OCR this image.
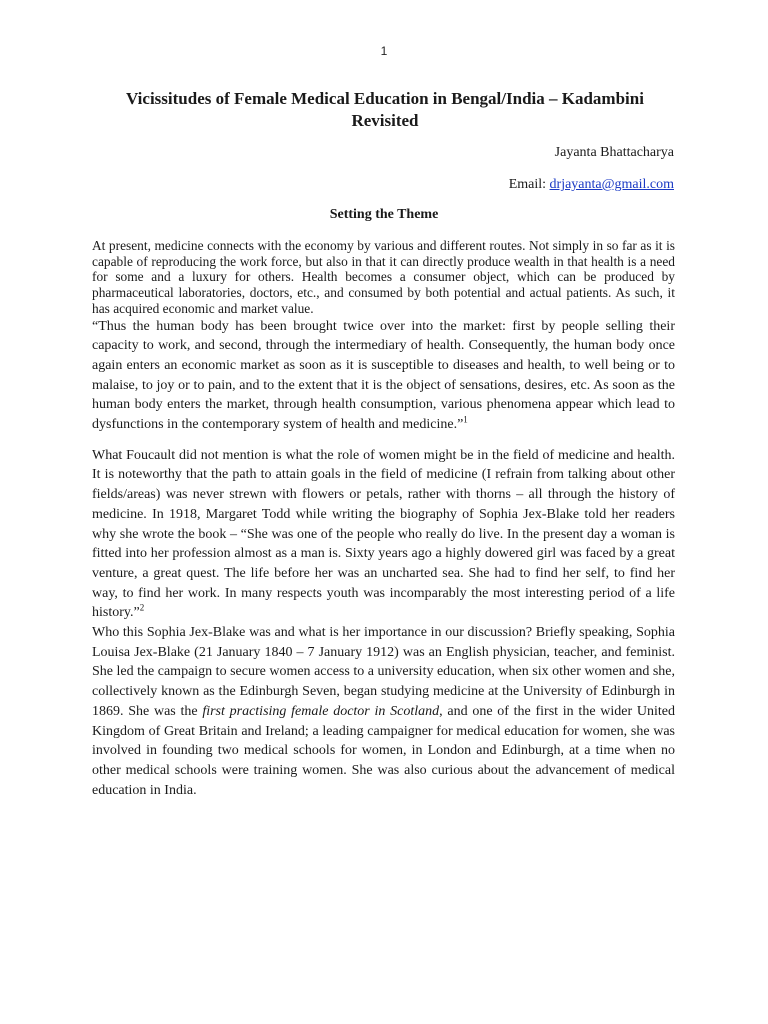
1
Vicissitudes of Female Medical Education in Bengal/India – Kadambini Revisited
Jayanta Bhattacharya
Email: drjayanta@gmail.com
Setting the Theme

At present, medicine connects with the economy by various and different routes. Not simply in so far as it is capable of reproducing the work force, but also in that it can directly produce wealth in that health is a need for some and a luxury for others. Health becomes a consumer object, which can be produced by pharmaceutical laboratories, doctors, etc., and consumed by both potential and actual patients. As such, it has acquired economic and market value.

“Thus the human body has been brought twice over into the market: first by people selling their capacity to work, and second, through the intermediary of health. Consequently, the human body once again enters an economic market as soon as it is susceptible to diseases and health, to well being or to malaise, to joy or to pain, and to the extent that it is the object of sensations, desires, etc. As soon as the human body enters the market, through health consumption, various phenomena appear which lead to dysfunctions in the contemporary system of health and medicine.”$^1$

What Foucault did not mention is what the role of women might be in the field of medicine and health. It is noteworthy that the path to attain goals in the field of medicine (I refrain from talking about other fields/areas) was never strewn with flowers or petals, rather with thorns – all through the history of medicine. In 1918, Margaret Todd while writing the biography of Sophia Jex-Blake told her readers why she wrote the book – “She was one of the people who really do live. In the present day a woman is fitted into her profession almost as a man is. Sixty years ago a highly dowered girl was faced by a great venture, a great quest. The life before her was an uncharted sea. She had to find her self, to find her way, to find her work. In many respects youth was incomparably the most interesting period of a life history.”$^2$

Who this Sophia Jex-Blake was and what is her importance in our discussion? Briefly speaking, Sophia Louisa Jex-Blake (21 January 1840 – 7 January 1912) was an English physician, teacher, and feminist. She led the campaign to secure women access to a university education, when six other women and she, collectively known as the Edinburgh Seven, began studying medicine at the University of Edinburgh in 1869. She was the first practising female doctor in Scotland, and one of the first in the wider United Kingdom of Great Britain and Ireland; a leading campaigner for medical education for women, she was involved in founding two medical schools for women, in London and Edinburgh, at a time when no other medical schools were training women. She was also curious about the advancement of medical education in India.
